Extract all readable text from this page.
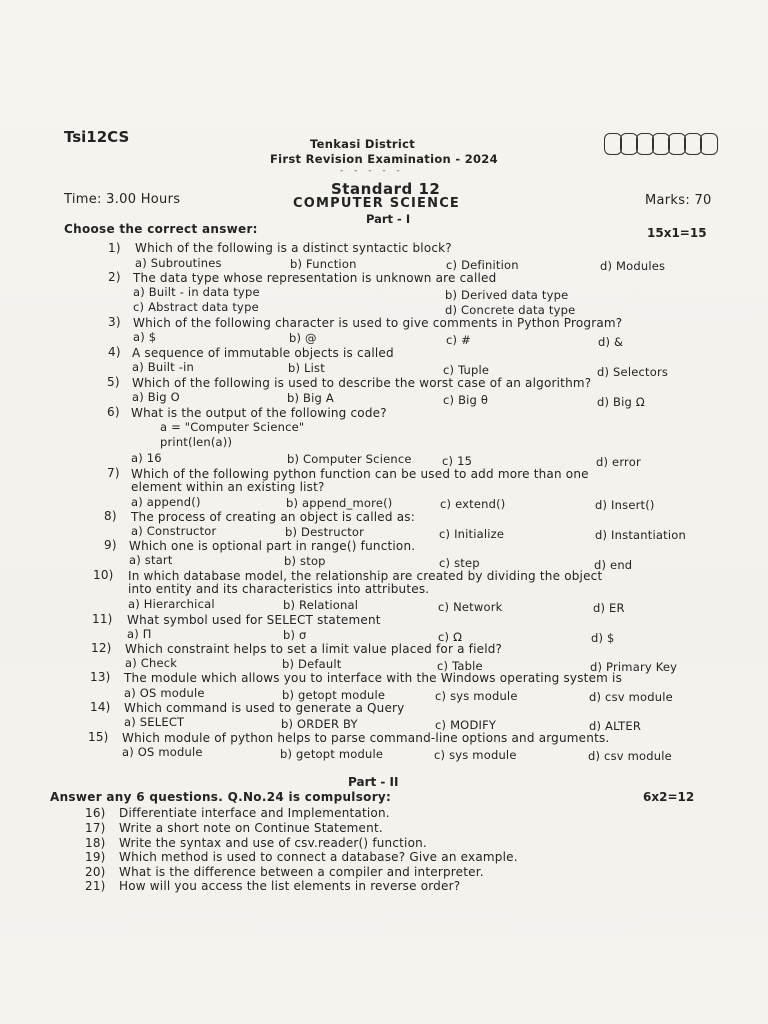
Tsi12CS	Tenkasi District
First Revision Examination - 2024
- - - - -
Time: 3.00 Hours
Standard 12
COMPUTER SCIENCE	Marks: 70
Part - I
Choose the correct answer:	15x1=15
1) Which of the following is a distinct syntactic block?
a) Subroutines	b) Function	c) Definition	d) Modules
2) The data type whose representation is unknown are called
a) Built - in data type	b) Derived data type
c) Abstract data type	d) Concrete data type
3) Which of the following character is used to give comments in Python Program?
a) $	b) @	c) #	d) &
4) A sequence of immutable objects is called
a) Built -in	b) List	c) Tuple	d) Selectors
5) Which of the following is used to describe the worst case of an algorithm?
a) Big O	b) Big A	c) Big θ	d) Big Ω
6) What is the output of the following code?
a = "Computer Science"
print(len(a))
a) 16	b) Computer Science	c) 15	d) error
7) Which of the following python function can be used to add more than one
element within an existing list?
a) append()	b) append_more()	c) extend()	d) Insert()
8) The process of creating an object is called as:
a) Constructor	b) Destructor	c) Initialize	d) Instantiation
9) Which one is optional part in range() function.
a) start	b) stop	c) step	d) end
10) In which database model, the relationship are created by dividing the object
into entity and its characteristics into attributes.
a) Hierarchical	b) Relational	c) Network	d) ER
11) What symbol used for SELECT statement
a) Π	b) σ	c) Ω	d) $
12) Which constraint helps to set a limit value placed for a field?
a) Check	b) Default	c) Table	d) Primary Key
13) The module which allows you to interface with the Windows operating system is
a) OS module	b) getopt module	c) sys module	d) csv module
14) Which command is used to generate a Query
a) SELECT	b) ORDER BY	c) MODIFY	d) ALTER
15) Which module of python helps to parse command-line options and arguments.
a) OS module	b) getopt module	c) sys module	d) csv module
Part - II
Answer any 6 questions. Q.No.24 is compulsory:	6x2=12
16) Differentiate interface and Implementation.
17) Write a short note on Continue Statement.
18) Write the syntax and use of csv.reader() function.
19) Which method is used to connect a database? Give an example.
20) What is the difference between a compiler and interpreter.
21) How will you access the list elements in reverse order?
